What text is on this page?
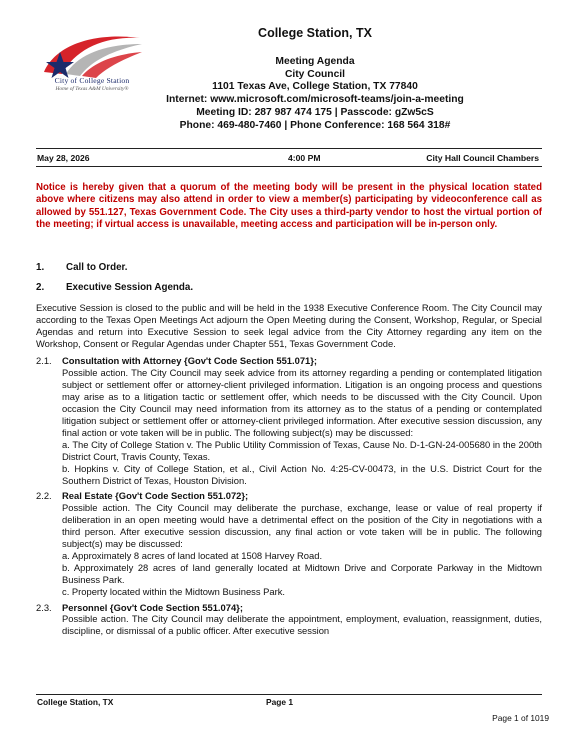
City of College Station
Home of Texas A&M University®
College Station, TX
Meeting Agenda
City Council
1101 Texas Ave, College Station, TX 77840
Internet: www.microsoft.com/microsoft-teams/join-a-meeting
Meeting ID: 287 987 474 175 | Passcode: gZw5cS
Phone: 469-480-7460 | Phone Conference: 168 564 318#
May 28, 2026	4:00 PM	City Hall Council Chambers
Notice is hereby given that a quorum of the meeting body will be present in the physical location stated above where citizens may also attend in order to view a member(s) participating by videoconference call as allowed by 551.127, Texas Government Code. The City uses a third-party vendor to host the virtual portion of the meeting; if virtual access is unavailable, meeting access and participation will be in-person only.
1.	Call to Order.
2.	Executive Session Agenda.

Executive Session is closed to the public and will be held in the 1938 Executive Conference Room. The City Council may according to the Texas Open Meetings Act adjourn the Open Meeting during the Consent, Workshop, Regular, or Special Agendas and return into Executive Session to seek legal advice from the City Attorney regarding any item on the Workshop, Consent or Regular Agendas under Chapter 551, Texas Government Code.

2.1.	Consultation with Attorney {Gov't Code Section 551.071};

Possible action. The City Council may seek advice from its attorney regarding a pending or contemplated litigation subject or settlement offer or attorney-client privileged information. Litigation is an ongoing process and questions may arise as to a litigation tactic or settlement offer, which needs to be discussed with the City Council. Upon occasion the City Council may need information from its attorney as to the status of a pending or contemplated litigation subject or settlement offer or attorney-client privileged information. After executive session discussion, any final action or vote taken will be in public. The following subject(s) may be discussed:

a. The City of College Station v. The Public Utility Commission of Texas, Cause No. D-1-GN-24-005680 in the 200th District Court, Travis County, Texas.

b. Hopkins v. City of College Station, et al., Civil Action No. 4:25-CV-00473, in the U.S. District Court for the Southern District of Texas, Houston Division.

2.2.	Real Estate {Gov't Code Section 551.072};

Possible action. The City Council may deliberate the purchase, exchange, lease or value of real property if deliberation in an open meeting would have a detrimental effect on the position of the City in negotiations with a third person. After executive session discussion, any final action or vote taken will be in public. The following subject(s) may be discussed:

a. Approximately 8 acres of land located at 1508 Harvey Road.

b. Approximately 28 acres of land generally located at Midtown Drive and Corporate Parkway in the Midtown Business Park.

c. Property located within the Midtown Business Park.

2.3.	Personnel {Gov't Code Section 551.074};

Possible action. The City Council may deliberate the appointment, employment, evaluation, reassignment, duties, discipline, or dismissal of a public officer. After executive session

College Station, TX	Page 1
Page 1 of 1019
